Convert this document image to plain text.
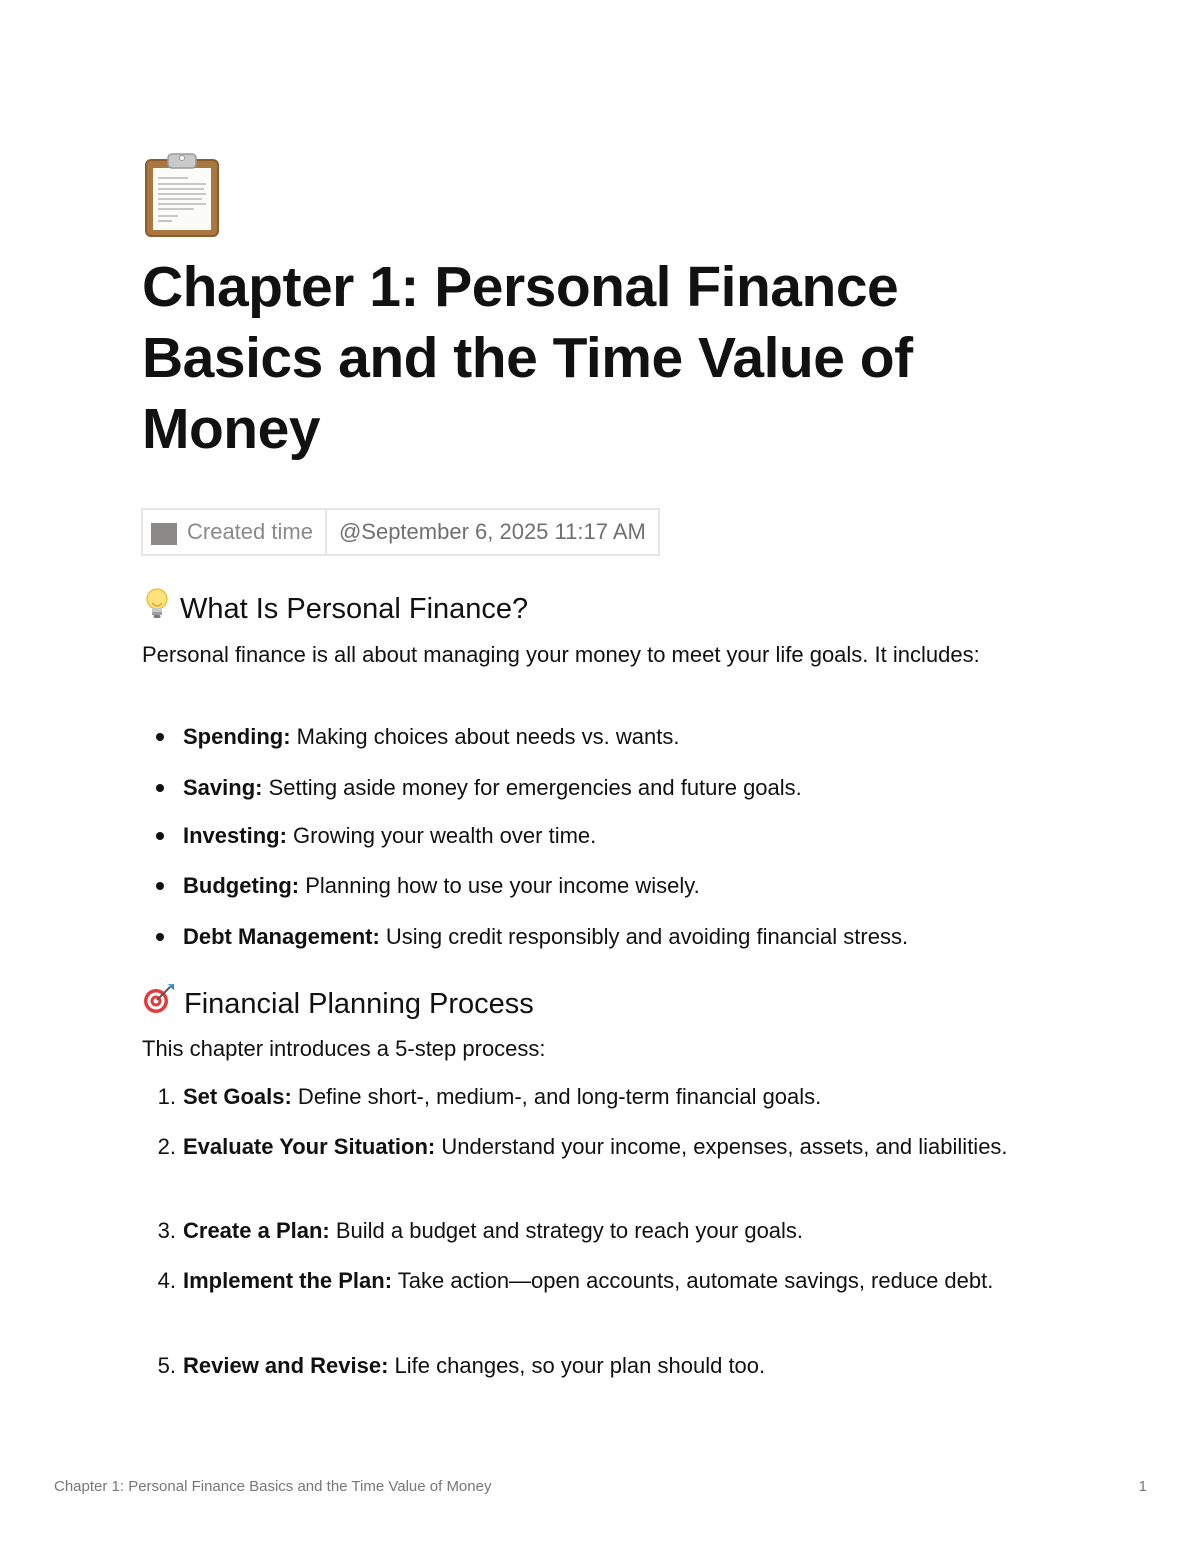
Chapter 1: Personal Finance Basics and the Time Value of Money
Created time	@September 6, 2025 11:17 AM
What Is Personal Finance?

Personal finance is all about managing your money to meet your life goals. It includes:

Spending: Making choices about needs vs. wants.
Saving: Setting aside money for emergencies and future goals.
Investing: Growing your wealth over time.
Budgeting: Planning how to use your income wisely.
Debt Management: Using credit responsibly and avoiding financial stress.
Financial Planning Process

This chapter introduces a 5-step process:

1. Set Goals: Define short-, medium-, and long-term financial goals.
2. Evaluate Your Situation: Understand your income, expenses, assets, and liabilities.
3. Create a Plan: Build a budget and strategy to reach your goals.
4. Implement the Plan: Take action—open accounts, automate savings, reduce debt.
5. Review and Revise: Life changes, so your plan should too.
Chapter 1: Personal Finance Basics and the Time Value of Money	1
